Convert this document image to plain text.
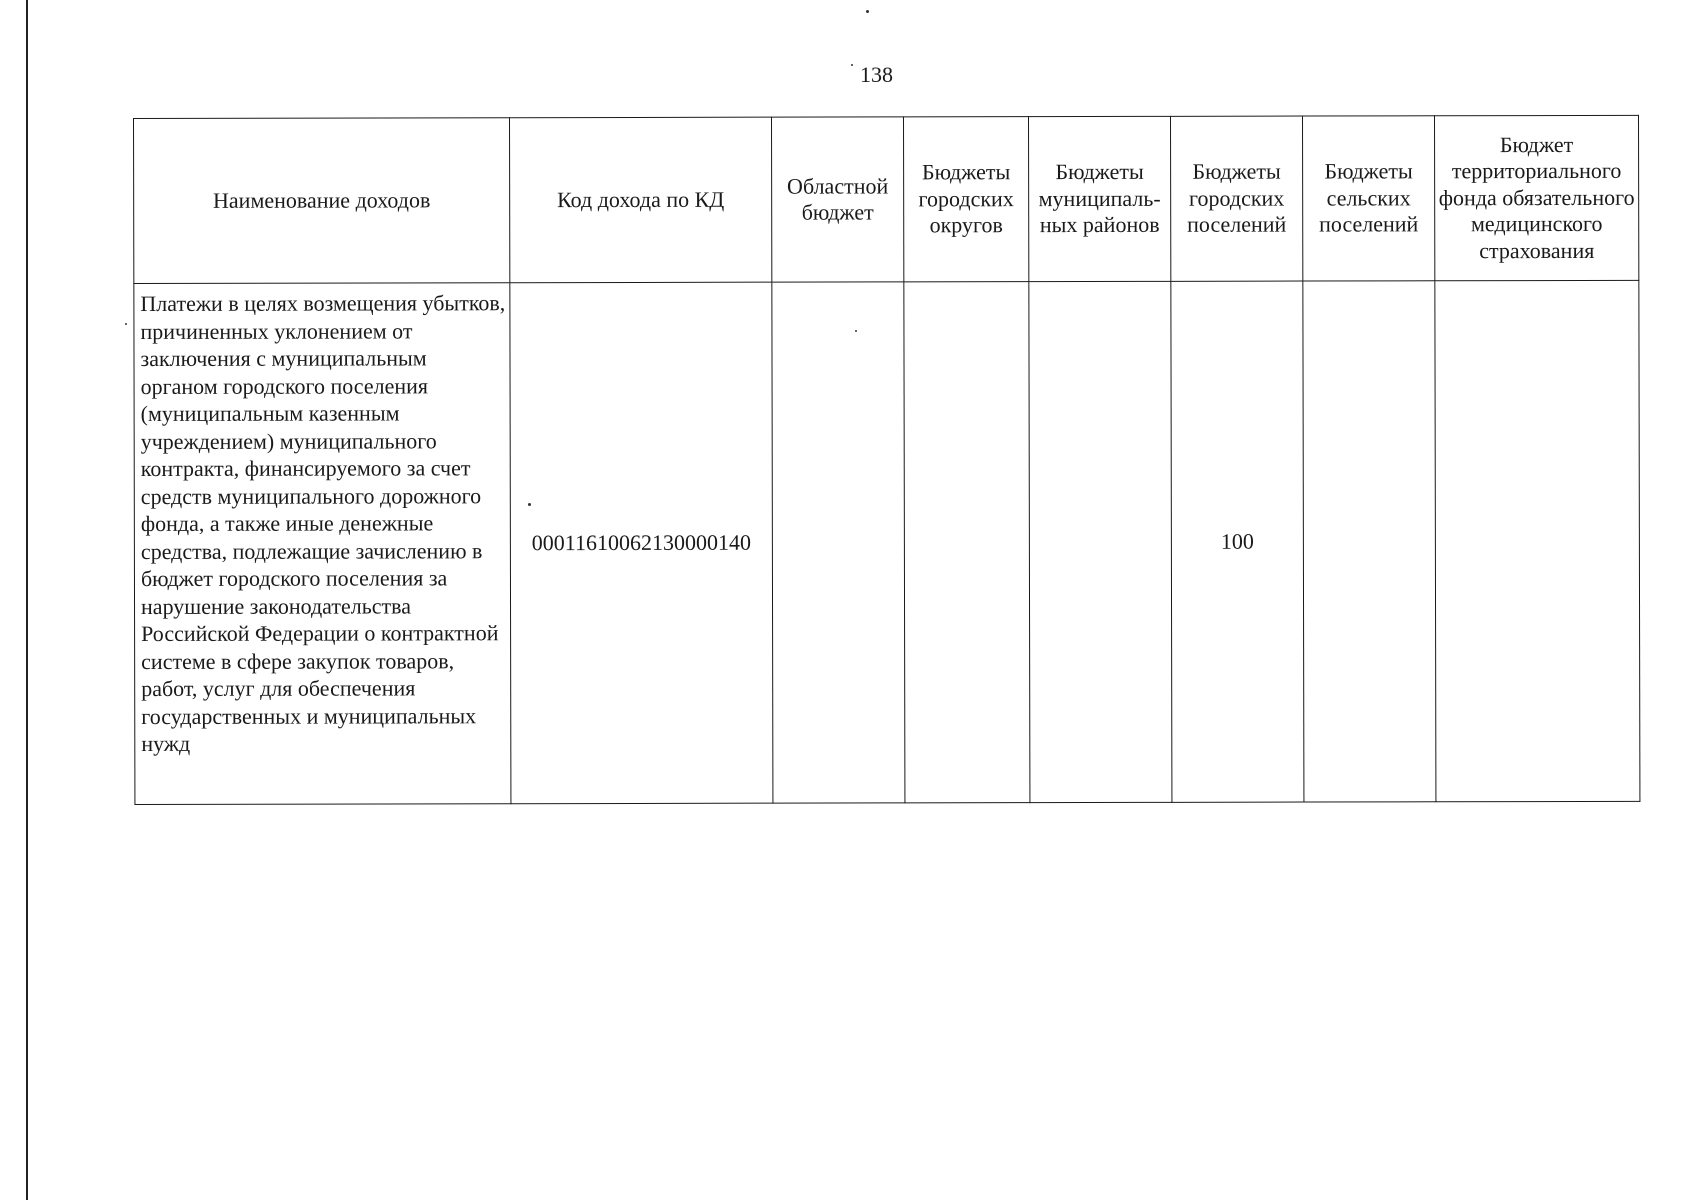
138
Наименование доходов	Код дохода по КД	Областной бюджет	Бюджеты городских округов	Бюджеты муниципаль-ных районов	Бюджеты городских поселений	Бюджеты сельских поселений	Бюджет территориального фонда обязательного медицинского страхования
Платежи в целях возмещения убытков, причиненных уклонением от заключения с муниципальным органом городского поселения (муниципальным казенным учреждением) муниципального контракта, финансируемого за счет средств муниципального дорожного фонда, а также иные денежные средства, подлежащие зачислению в бюджет городского поселения за нарушение законодательства Российской Федерации о контрактной системе в сфере закупок товаров, работ, услуг для обеспечения государственных и муниципальных нужд	00011610062130000140				100		
